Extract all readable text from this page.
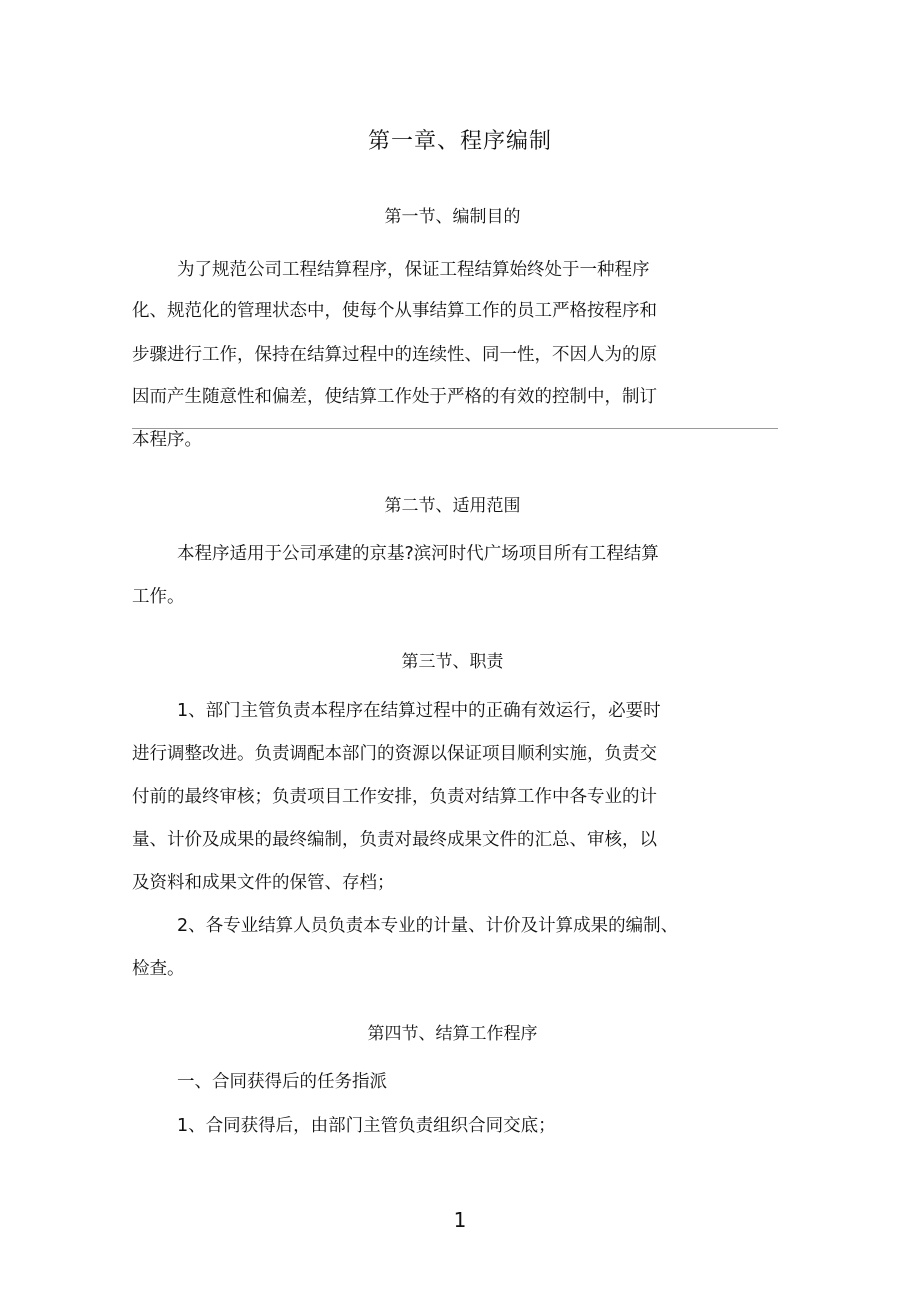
第一章、程序编制
第一节、编制目的
为了规范公司工程结算程序，保证工程结算始终处于一种程序
化、规范化的管理状态中，使每个从事结算工作的员工严格按程序和
步骤进行工作，保持在结算过程中的连续性、同一性，不因人为的原
因而产生随意性和偏差，使结算工作处于严格的有效的控制中，制订
本程序。
第二节、适用范围
本程序适用于公司承建的京基?滨河时代广场项目所有工程结算
工作。
第三节、职责
1、部门主管负责本程序在结算过程中的正确有效运行，必要时
进行调整改进。负责调配本部门的资源以保证项目顺利实施，负责交
付前的最终审核；负责项目工作安排，负责对结算工作中各专业的计
量、计价及成果的最终编制，负责对最终成果文件的汇总、审核，以
及资料和成果文件的保管、存档；
2、各专业结算人员负责本专业的计量、计价及计算成果的编制、
检查。
第四节、结算工作程序
一、合同获得后的任务指派
1、合同获得后，由部门主管负责组织合同交底；
1
